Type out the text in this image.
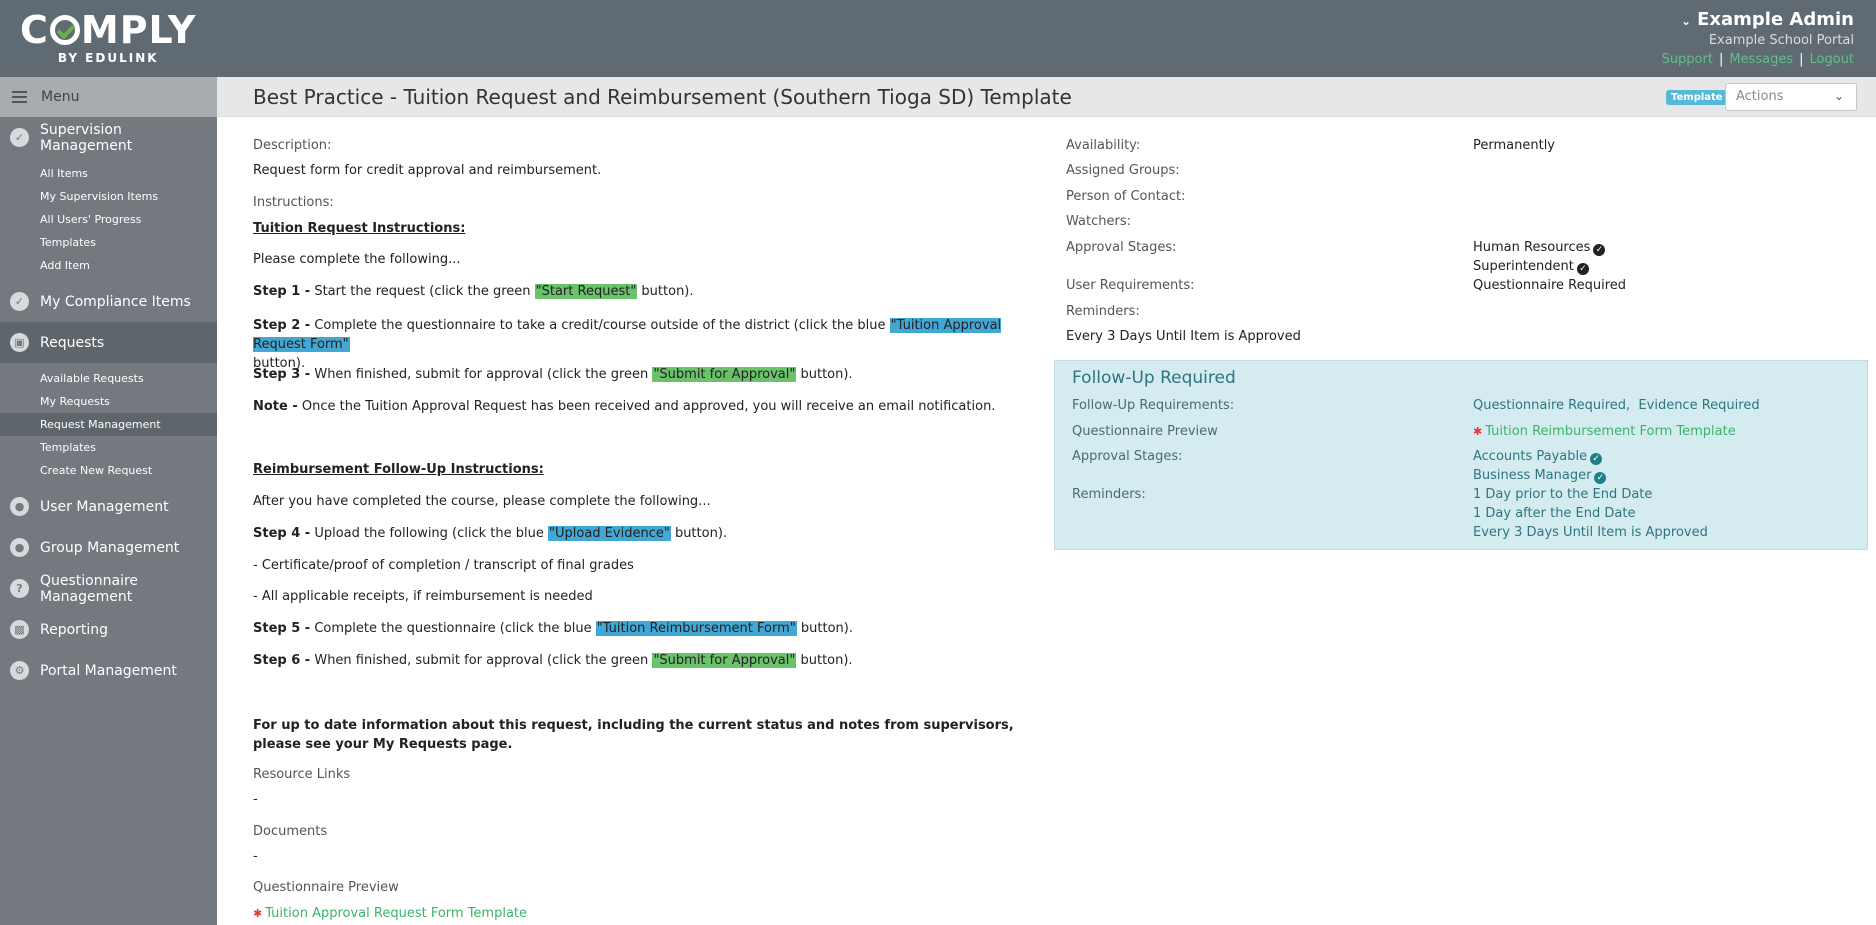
C MPLY
BY EDULINK
⌄ Example Admin
Example School Portal
Support | Messages | Logout
Menu
✓	Supervision Management
All Items
My Supervision Items
All Users' Progress
Templates
Add Item
✓	My Compliance Items
▣	Requests
Available Requests
My Requests
Request Management
Templates
Create New Request
●	User Management
●	Group Management
?	Questionnaire Management
▩	Reporting
⚙	Portal Management
Best Practice - Tuition Request and Reimbursement (Southern Tioga SD) Template	Template	Actions	⌄
Description:
Request form for credit approval and reimbursement.
Instructions:
Tuition Request Instructions:
Please complete the following...
Step 1 - Start the request (click the green "Start Request" button).
Step 2 - Complete the questionnaire to take a credit/course outside of the district (click the blue "Tuition Approval Request Form"
button).
Step 3 - When finished, submit for approval (click the green "Submit for Approval" button).
Note - Once the Tuition Approval Request has been received and approved, you will receive an email notification.
Reimbursement Follow-Up Instructions:
After you have completed the course, please complete the following...
Step 4 - Upload the following (click the blue "Upload Evidence" button).
- Certificate/proof of completion / transcript of final grades
- All applicable receipts, if reimbursement is needed
Step 5 - Complete the questionnaire (click the blue "Tuition Reimbursement Form" button).
Step 6 - When finished, submit for approval (click the green "Submit for Approval" button).
For up to date information about this request, including the current status and notes from supervisors, please see your My Requests page.
Resource Links
-
Documents
-
Questionnaire Preview
✱ Tuition Approval Request Form Template
Availability:	Permanently
Assigned Groups:
Person of Contact:
Watchers:
Approval Stages:	Human Resources ✓
Superintendent ✓
User Requirements:	Questionnaire Required
Reminders:
Every 3 Days Until Item is Approved
Follow-Up Required
Follow-Up Requirements:	Questionnaire Required, Evidence Required
Questionnaire Preview	✱ Tuition Reimbursement Form Template
Approval Stages:	Accounts Payable ✓
Business Manager ✓
Reminders:	1 Day prior to the End Date
1 Day after the End Date
Every 3 Days Until Item is Approved
